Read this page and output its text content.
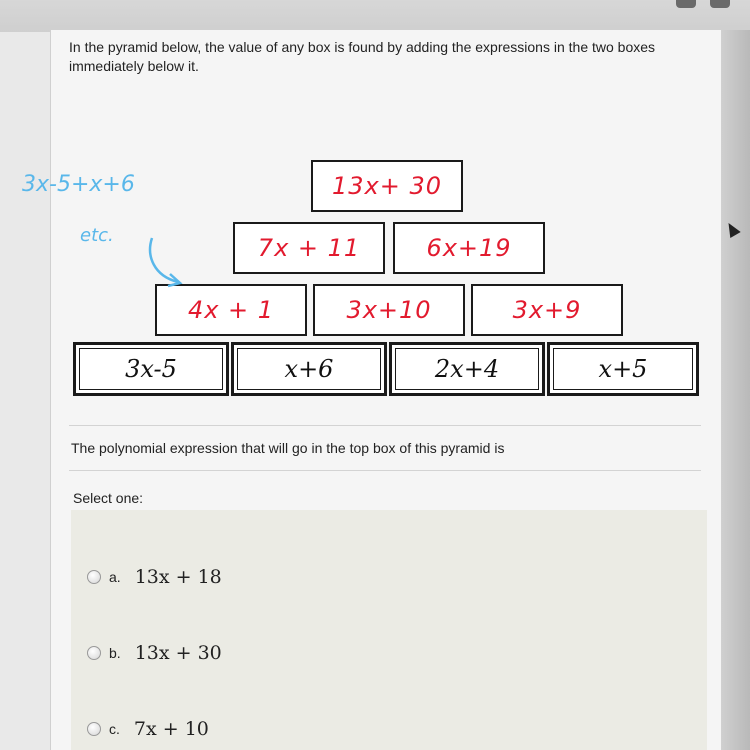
In the pyramid below, the value of any box is found by adding the expressions in the two boxes immediately below it.
13x+ 30
7x + 11	6x+19
4x + 1	3x+10	3x+9
3x-5	x+6	2x+4	x+5
The polynomial expression that will go in the top box of this pyramid is
Select one:
a. 13x + 18
b. 13x + 30
c. 7x + 10
3x-5+x+6
etc.
